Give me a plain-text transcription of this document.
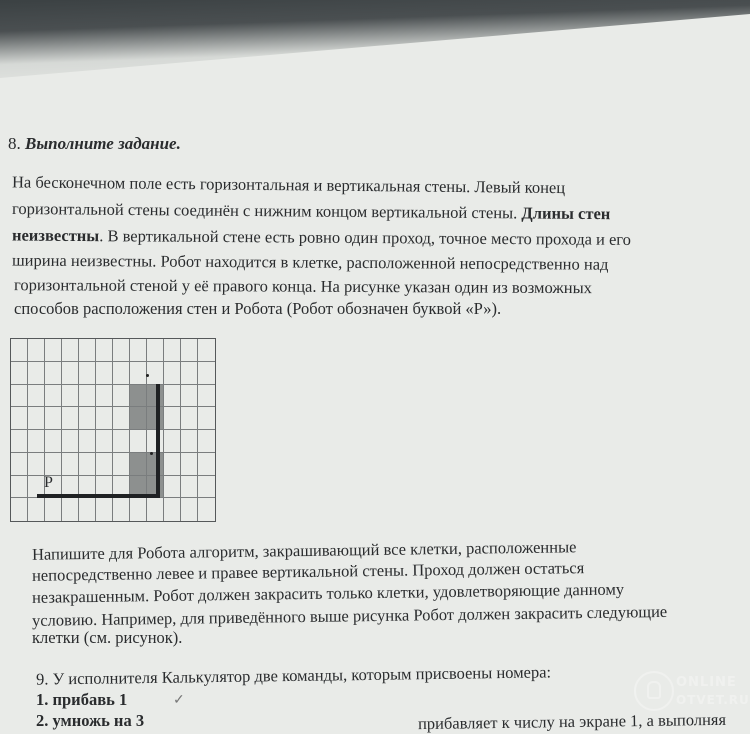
8. Выполните задание.
На бесконечном поле есть горизонтальная и вертикальная стены. Левый конец
горизонтальной стены соединён с нижним концом вертикальной стены. Длины стен
неизвестны. В вертикальной стене есть ровно один проход, точное место прохода и его
ширина неизвестны. Робот находится в клетке, расположенной непосредственно над
горизонтальной стеной у её правого конца. На рисунке указан один из возможных
способов расположения стен и Робота (Робот обозначен буквой «Р»).
Р
Напишите для Робота алгоритм, закрашивающий все клетки, расположенные
непосредственно левее и правее вертикальной стены. Проход должен остаться
незакрашенным. Робот должен закрасить только клетки, удовлетворяющие данному
условию. Например, для приведённого выше рисунка Робот должен закрасить следующие
клетки (см. рисунок).
9. У исполнителя Калькулятор две команды, которым присвоены номера:
1. прибавь 1	✓
2. умножь на 3	прибавляет к числу на экране 1, а выполняя
ONLINE
OTVET.RU
